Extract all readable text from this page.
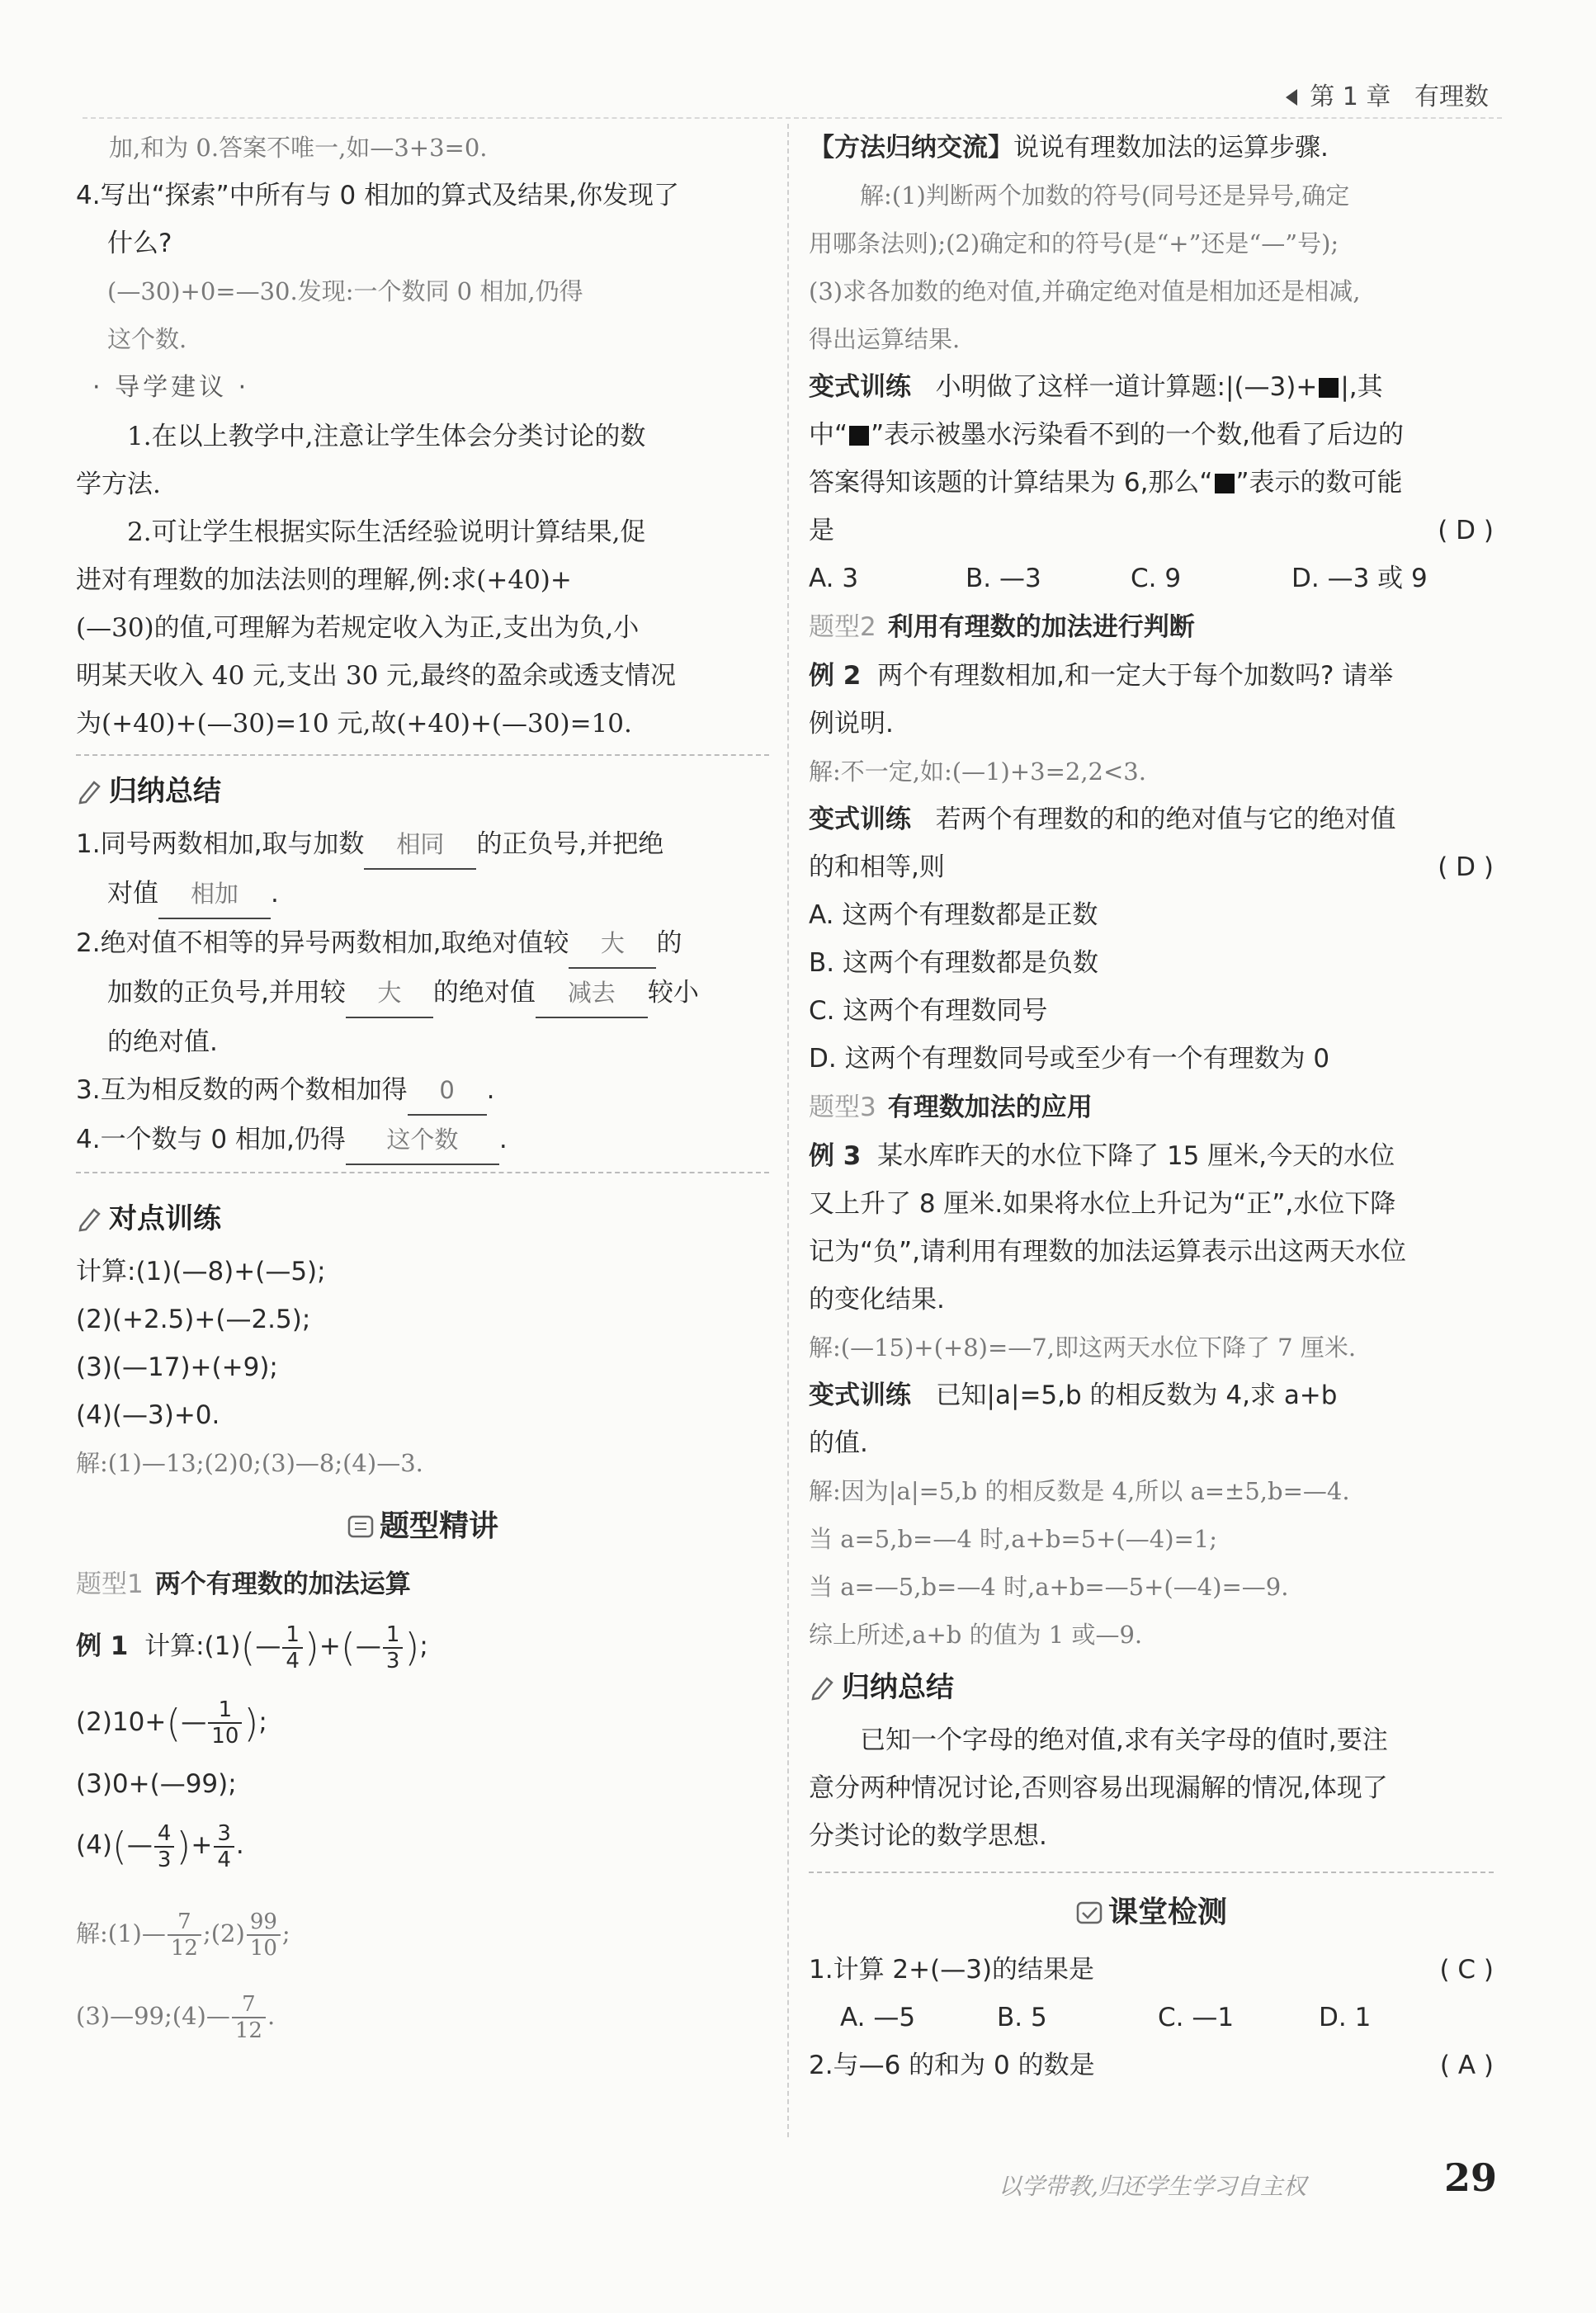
第 1 章 有理数
加,和为 0.答案不唯一,如—3+3=0.
4.写出“探索”中所有与 0 相加的算式及结果,你发现了
什么?
(—30)+0=—30.发现:一个数同 0 相加,仍得
这个数.
· 导学建议 ·
1.在以上教学中,注意让学生体会分类讨论的数
学方法.
2.可让学生根据实际生活经验说明计算结果,促
进对有理数的加法法则的理解,例:求(+40)+
(—30)的值,可理解为若规定收入为正,支出为负,小
明某天收入 40 元,支出 30 元,最终的盈余或透支情况
为(+40)+(—30)=10 元,故(+40)+(—30)=10.
归纳总结
1.同号两数相加,取与加数 相同 的正负号,并把绝
对值 相加 .
2.绝对值不相等的异号两数相加,取绝对值较 大 的
加数的正负号,并用较 大 的绝对值 减去 较小
的绝对值.
3.互为相反数的两个数相加得 0 .
4.一个数与 0 相加,仍得 这个数 .
对点训练
计算:(1)(—8)+(—5);
(2)(+2.5)+(—2.5);
(3)(—17)+(+9);
(4)(—3)+0.
解:(1)—13;(2)0;(3)—8;(4)—3.
题型精讲
题型1 两个有理数的加法运算
例 1 计算:(1)(— $\frac{1}{4}$ )+(— $\frac{1}{3}$ );
(2)10+(— $\frac{1}{10}$ );
(3)0+(—99);
(4)(— $\frac{4}{3}$ )+ $\frac{3}{4}$ .
解:(1)— $\frac{7}{12}$ ;(2) $\frac{99}{10}$ ;
(3)—99;(4)— $\frac{7}{12}$ .
【方法归纳交流】说说有理数加法的运算步骤.
解:(1)判断两个加数的符号(同号还是异号,确定
用哪条法则);(2)确定和的符号(是“+”还是“—”号);
(3)求各加数的绝对值,并确定绝对值是相加还是相减,
得出运算结果.
变式训练 小明做了这样一道计算题:|(—3)+ |,其
中“ ”表示被墨水污染看不到的一个数,他看了后边的
答案得知该题的计算结果为 6,那么“ ”表示的数可能
是	( D )
A. 3	B. —3	C. 9	D. —3 或 9
题型2 利用有理数的加法进行判断
例 2 两个有理数相加,和一定大于每个加数吗? 请举
例说明.
解:不一定,如:(—1)+3=2,2<3.
变式训练 若两个有理数的和的绝对值与它的绝对值
的和相等,则	( D )
A. 这两个有理数都是正数
B. 这两个有理数都是负数
C. 这两个有理数同号
D. 这两个有理数同号或至少有一个有理数为 0
题型3 有理数加法的应用
例 3 某水库昨天的水位下降了 15 厘米,今天的水位
又上升了 8 厘米.如果将水位上升记为“正”,水位下降
记为“负”,请利用有理数的加法运算表示出这两天水位
的变化结果.
解:(—15)+(+8)=—7,即这两天水位下降了 7 厘米.
变式训练 已知|a|=5,b 的相反数为 4,求 a+b
的值.
解:因为|a|=5,b 的相反数是 4,所以 a=±5,b=—4.
当 a=5,b=—4 时,a+b=5+(—4)=1;
当 a=—5,b=—4 时,a+b=—5+(—4)=—9.
综上所述,a+b 的值为 1 或—9.
归纳总结
已知一个字母的绝对值,求有关字母的值时,要注
意分两种情况讨论,否则容易出现漏解的情况,体现了
分类讨论的数学思想.
课堂检测
1.计算 2+(—3)的结果是	( C )
A. —5	B. 5	C. —1	D. 1
2.与—6 的和为 0 的数是	( A )
以学带教,归还学生学习自主权	29
